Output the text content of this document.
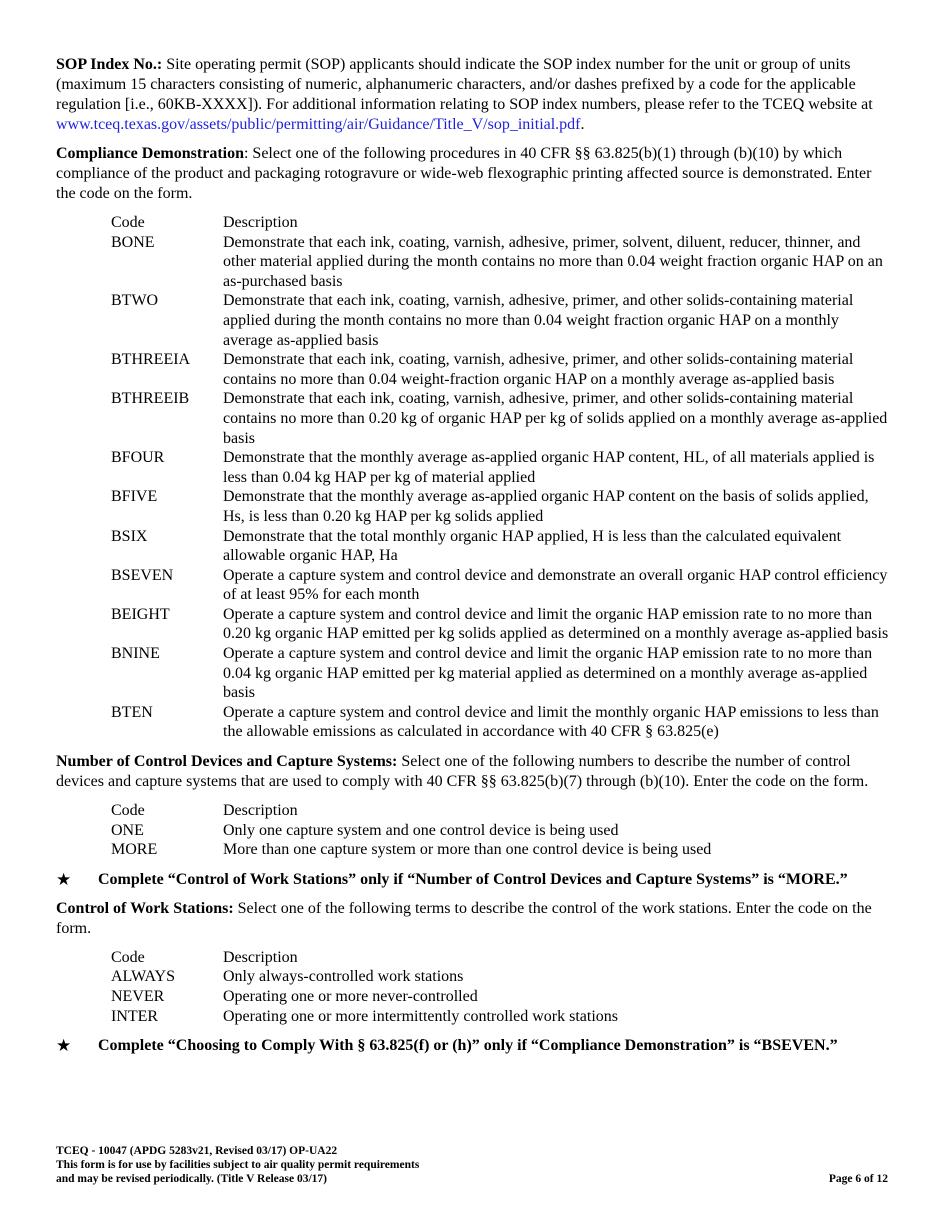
SOP Index No.: Site operating permit (SOP) applicants should indicate the SOP index number for the unit or group of units (maximum 15 characters consisting of numeric, alphanumeric characters, and/or dashes prefixed by a code for the applicable regulation [i.e., 60KB-XXXX]). For additional information relating to SOP index numbers, please refer to the TCEQ website at www.tceq.texas.gov/assets/public/permitting/air/Guidance/Title_V/sop_initial.pdf.

Compliance Demonstration: Select one of the following procedures in 40 CFR §§ 63.825(b)(1) through (b)(10) by which compliance of the product and packaging rotogravure or wide-web flexographic printing affected source is demonstrated. Enter the code on the form.

Code	Description
BONE	Demonstrate that each ink, coating, varnish, adhesive, primer, solvent, diluent, reducer, thinner, and other material applied during the month contains no more than 0.04 weight fraction organic HAP on an as-purchased basis
BTWO	Demonstrate that each ink, coating, varnish, adhesive, primer, and other solids-containing material applied during the month contains no more than 0.04 weight fraction organic HAP on a monthly average as-applied basis
BTHREEIA	Demonstrate that each ink, coating, varnish, adhesive, primer, and other solids-containing material contains no more than 0.04 weight-fraction organic HAP on a monthly average as-applied basis
BTHREEIB	Demonstrate that each ink, coating, varnish, adhesive, primer, and other solids-containing material contains no more than 0.20 kg of organic HAP per kg of solids applied on a monthly average as-applied basis
BFOUR	Demonstrate that the monthly average as-applied organic HAP content, HL, of all materials applied is less than 0.04 kg HAP per kg of material applied
BFIVE	Demonstrate that the monthly average as-applied organic HAP content on the basis of solids applied, Hs, is less than 0.20 kg HAP per kg solids applied
BSIX	Demonstrate that the total monthly organic HAP applied, H is less than the calculated equivalent allowable organic HAP, Ha
BSEVEN	Operate a capture system and control device and demonstrate an overall organic HAP control efficiency of at least 95% for each month
BEIGHT	Operate a capture system and control device and limit the organic HAP emission rate to no more than 0.20 kg organic HAP emitted per kg solids applied as determined on a monthly average as-applied basis
BNINE	Operate a capture system and control device and limit the organic HAP emission rate to no more than 0.04 kg organic HAP emitted per kg material applied as determined on a monthly average as-applied basis
BTEN	Operate a capture system and control device and limit the monthly organic HAP emissions to less than the allowable emissions as calculated in accordance with 40 CFR § 63.825(e)

Number of Control Devices and Capture Systems: Select one of the following numbers to describe the number of control devices and capture systems that are used to comply with 40 CFR §§ 63.825(b)(7) through (b)(10). Enter the code on the form.

Code	Description
ONE	Only one capture system and one control device is being used
MORE	More than one capture system or more than one control device is being used
★ Complete “Control of Work Stations” only if “Number of Control Devices and Capture Systems” is “MORE.”

Control of Work Stations: Select one of the following terms to describe the control of the work stations. Enter the code on the form.

Code	Description
ALWAYS	Only always-controlled work stations
NEVER	Operating one or more never-controlled
INTER	Operating one or more intermittently controlled work stations
★ Complete “Choosing to Comply With § 63.825(f) or (h)” only if “Compliance Demonstration” is “BSEVEN.”
TCEQ - 10047 (APDG 5283v21, Revised 03/17) OP-UA22
This form is for use by facilities subject to air quality permit requirements
and may be revised periodically. (Title V Release 03/17)	Page 6 of 12
